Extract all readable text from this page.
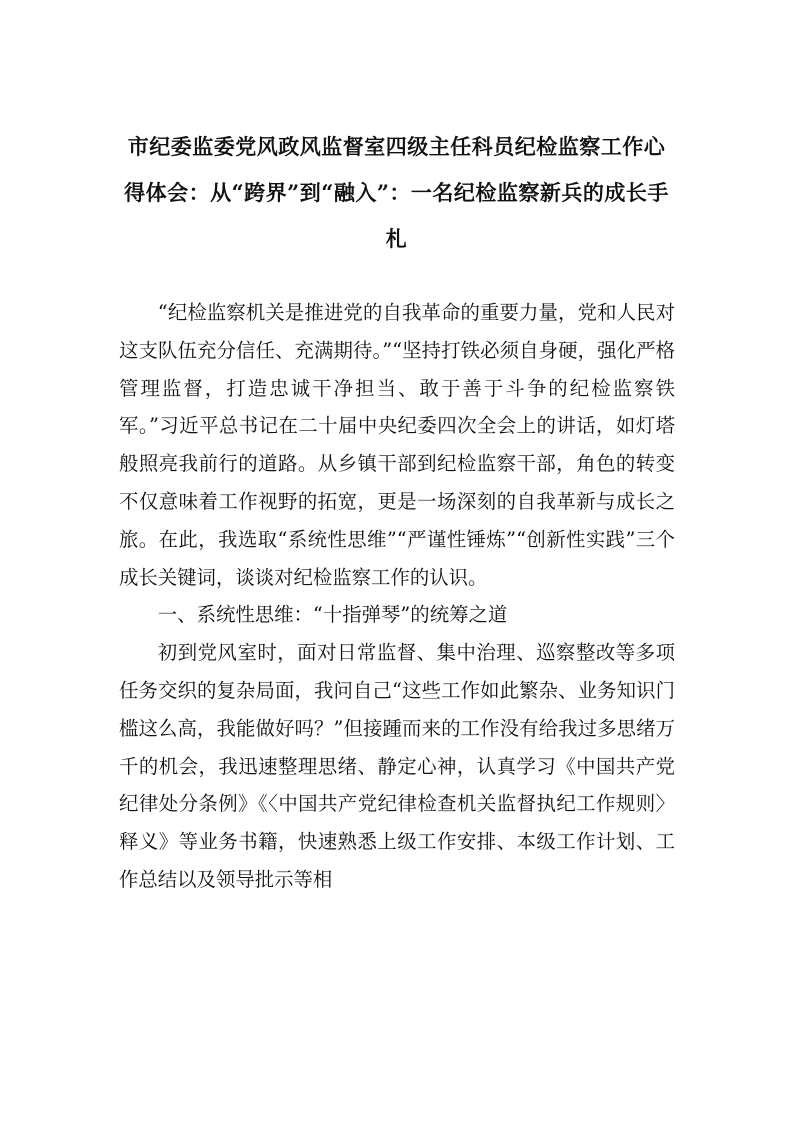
市纪委监委党风政风监督室四级主任科员纪检监察工作心得体会：从“跨界”到“融入”：一名纪检监察新兵的成长手札

“纪检监察机关是推进党的自我革命的重要力量，党和人民对这支队伍充分信任、充满期待。”“坚持打铁必须自身硬，强化严格管理监督，打造忠诚干净担当、敢于善于斗争的纪检监察铁军。”习近平总书记在二十届中央纪委四次全会上的讲话，如灯塔般照亮我前行的道路。从乡镇干部到纪检监察干部，角色的转变不仅意味着工作视野的拓宽，更是一场深刻的自我革新与成长之旅。在此，我选取“系统性思维”“严谨性锤炼”“创新性实践”三个成长关键词，谈谈对纪检监察工作的认识。

一、系统性思维：“十指弹琴”的统筹之道

初到党风室时，面对日常监督、集中治理、巡察整改等多项任务交织的复杂局面，我问自己“这些工作如此繁杂、业务知识门槛这么高，我能做好吗？”但接踵而来的工作没有给我过多思绪万千的机会，我迅速整理思绪、静定心神，认真学习《中国共产党纪律处分条例》《〈中国共产党纪律检查机关监督执纪工作规则〉释义》等业务书籍，快速熟悉上级工作安排、本级工作计划、工作总结以及领导批示等相
